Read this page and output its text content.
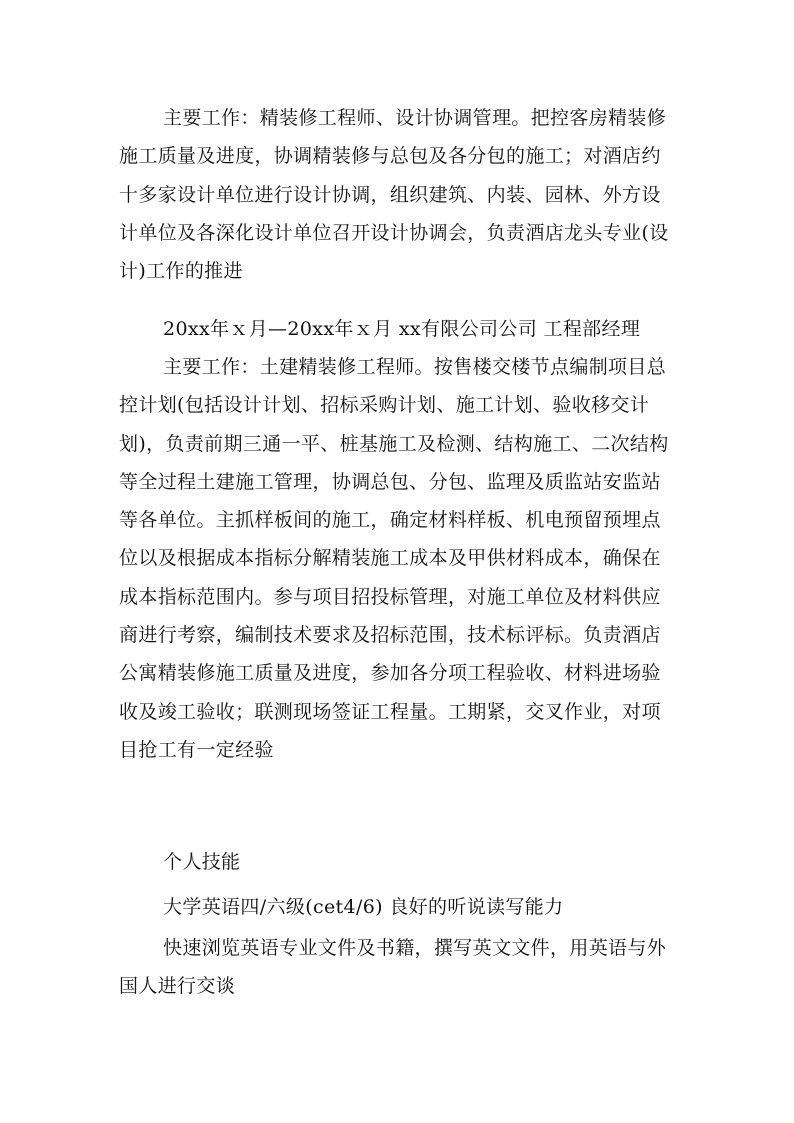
主要工作：精装修工程师、设计协调管理。把控客房精装修施工质量及进度，协调精装修与总包及各分包的施工；对酒店约十多家设计单位进行设计协调，组织建筑、内装、园林、外方设计单位及各深化设计单位召开设计协调会，负责酒店龙头专业(设计)工作的推进

20xx年ｘ月—20xx年ｘ月 xx有限公司公司 工程部经理

主要工作：土建精装修工程师。按售楼交楼节点编制项目总控计划(包括设计计划、招标采购计划、施工计划、验收移交计划)，负责前期三通一平、桩基施工及检测、结构施工、二次结构等全过程土建施工管理，协调总包、分包、监理及质监站安监站等各单位。主抓样板间的施工，确定材料样板、机电预留预埋点位以及根据成本指标分解精装施工成本及甲供材料成本，确保在成本指标范围内。参与项目招投标管理，对施工单位及材料供应商进行考察，编制技术要求及招标范围，技术标评标。负责酒店公寓精装修施工质量及进度，参加各分项工程验收、材料进场验收及竣工验收；联测现场签证工程量。工期紧，交叉作业，对项目抢工有一定经验

个人技能

大学英语四/六级(cet4/6) 良好的听说读写能力

快速浏览英语专业文件及书籍，撰写英文文件，用英语与外国人进行交谈
